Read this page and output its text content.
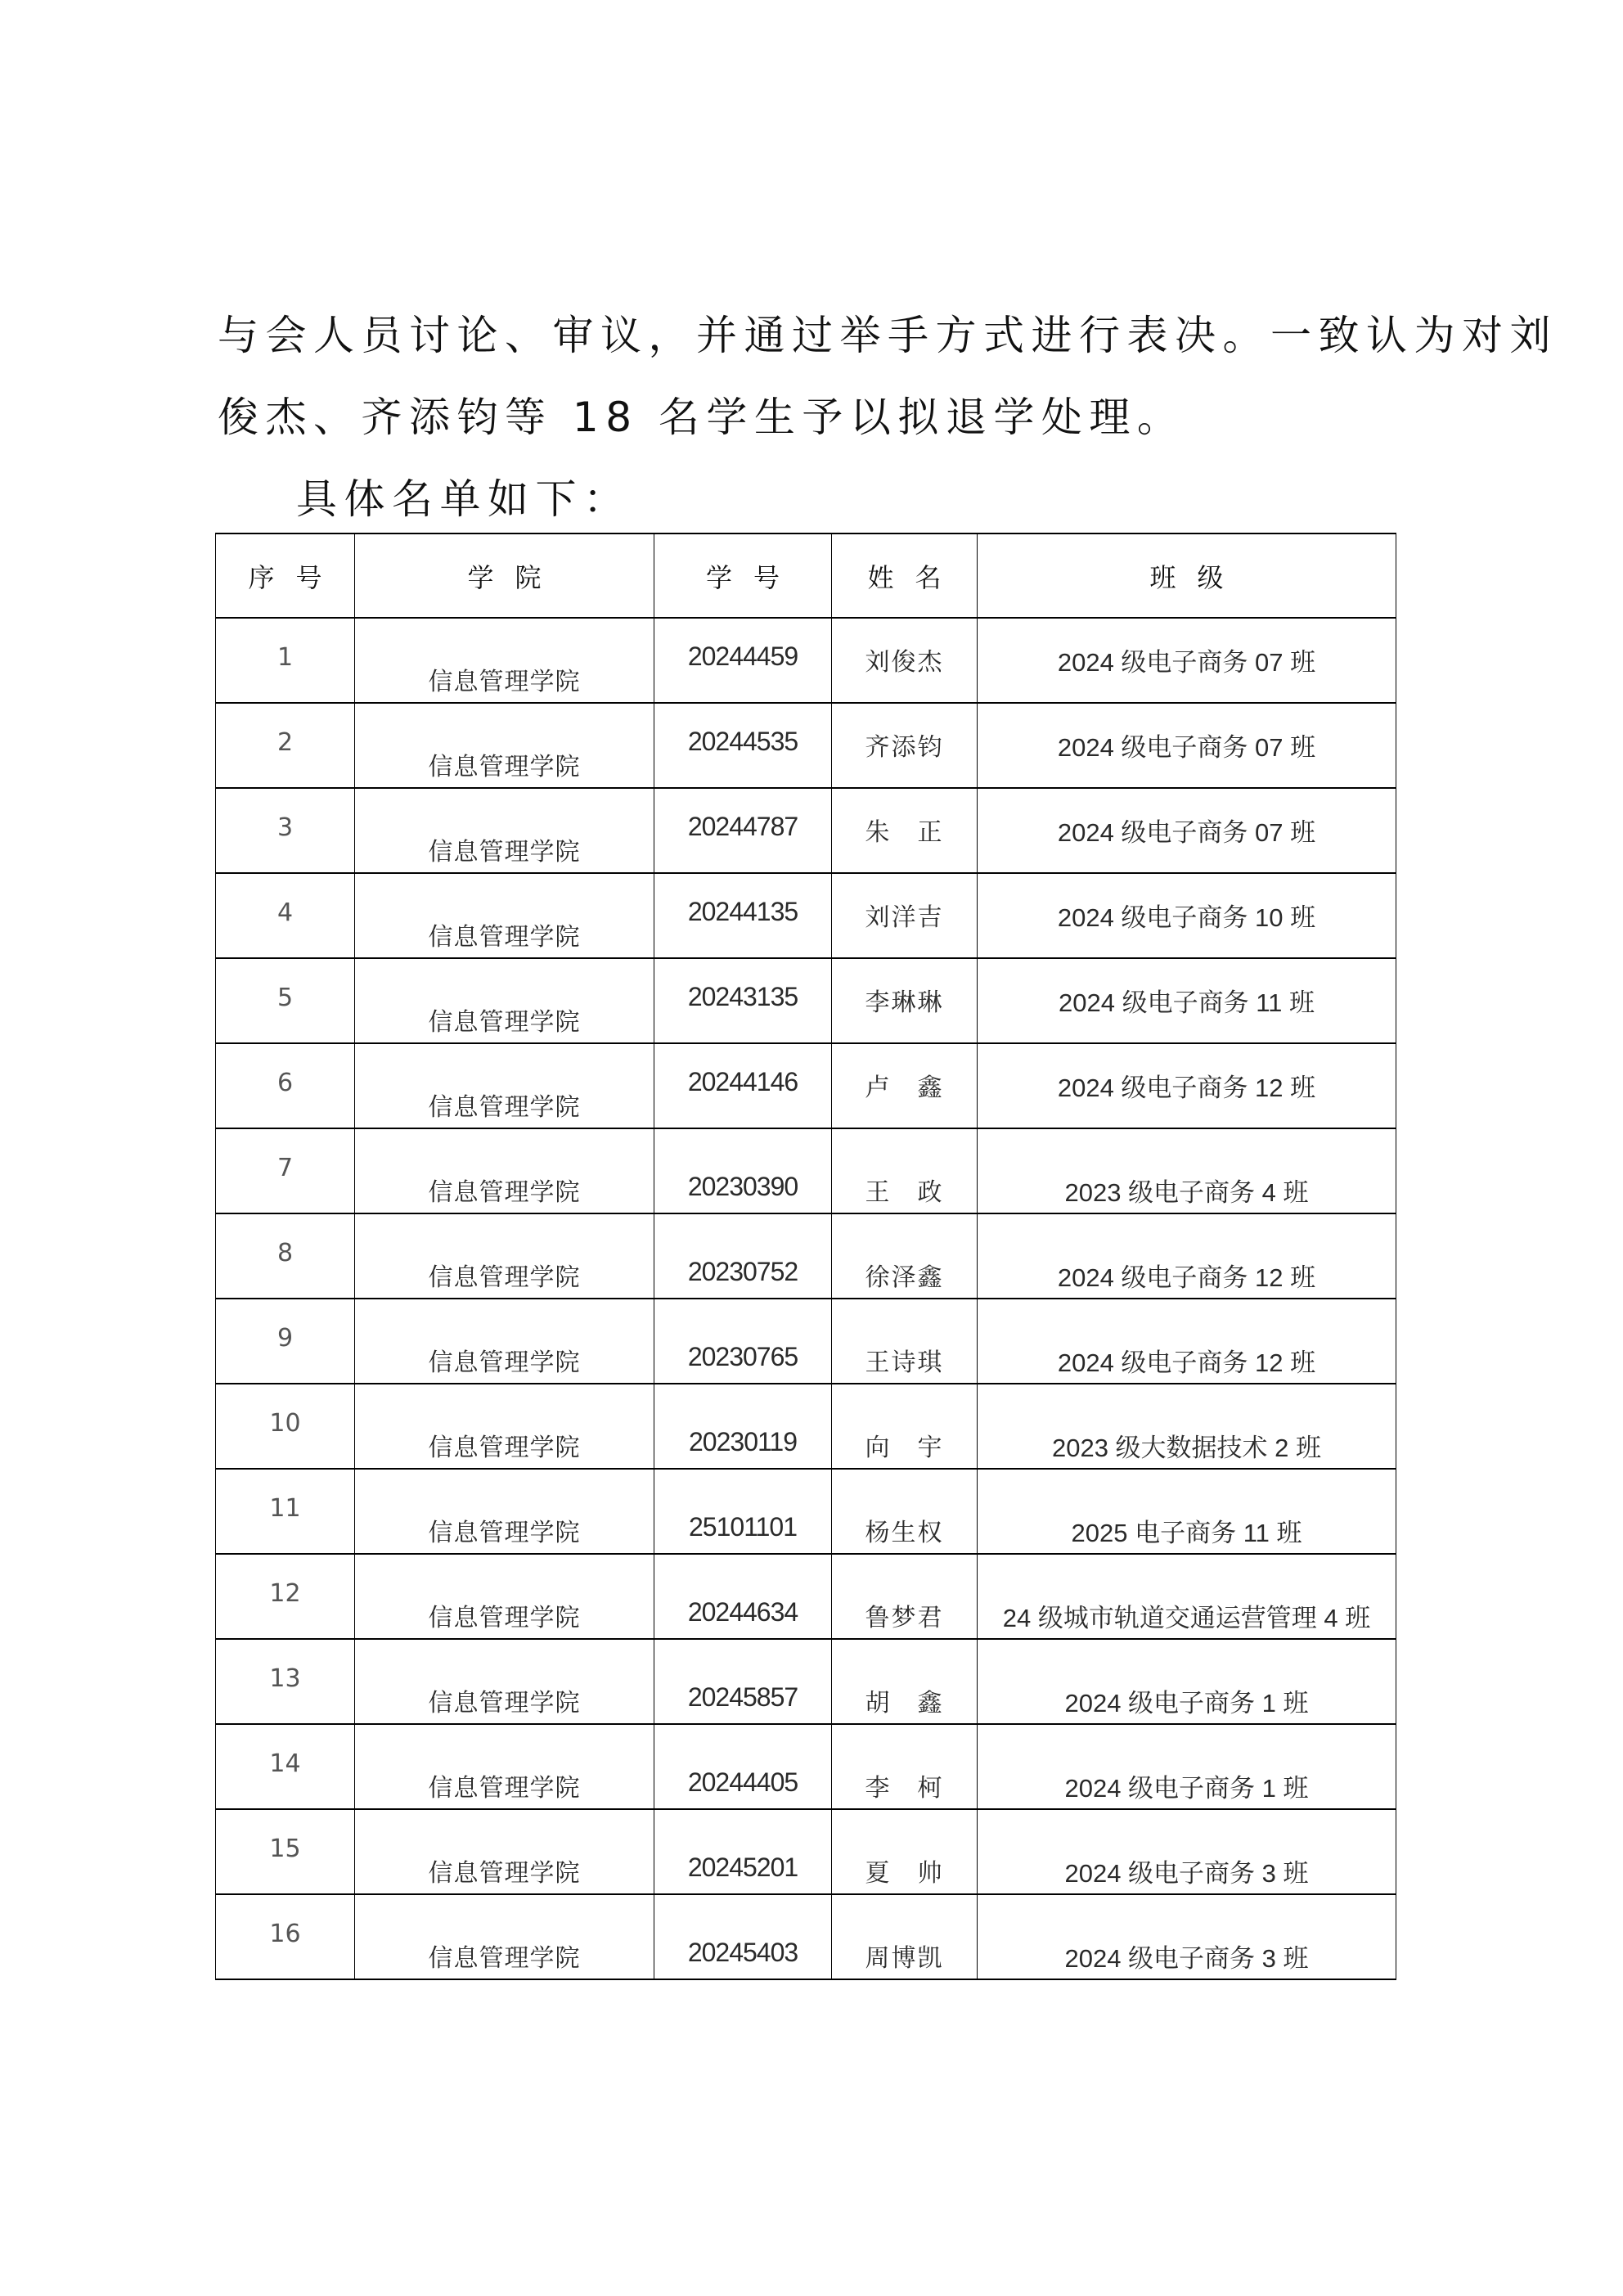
与会人员讨论、审议，并通过举手方式进行表决。一致认为对刘
俊杰、齐添钧等 18 名学生予以拟退学处理。
具体名单如下：
序号	学院	学号	姓名	班级

1	信息管理学院	20244459	刘俊杰	2024 级电子商务 07 班

2	信息管理学院	20244535	齐添钧	2024 级电子商务 07 班

3	信息管理学院	20244787	朱　正	2024 级电子商务 07 班

4	信息管理学院	20244135	刘洋吉	2024 级电子商务 10 班

5	信息管理学院	20243135	李琳琳	2024 级电子商务 11 班

6	信息管理学院	20244146	卢　鑫	2024 级电子商务 12 班

7	信息管理学院	20230390	王　政	2023 级电子商务 4 班

8	信息管理学院	20230752	徐泽鑫	2024 级电子商务 12 班

9	信息管理学院	20230765	王诗琪	2024 级电子商务 12 班

10	信息管理学院	20230119	向　宇	2023 级大数据技术 2 班

11	信息管理学院	25101101	杨生权	2025 电子商务 11 班

12	信息管理学院	20244634	鲁梦君	24 级城市轨道交通运营管理 4 班

13	信息管理学院	20245857	胡　鑫	2024 级电子商务 1 班

14	信息管理学院	20244405	李　柯	2024 级电子商务 1 班

15	信息管理学院	20245201	夏　帅	2024 级电子商务 3 班

16	信息管理学院	20245403	周博凯	2024 级电子商务 3 班
